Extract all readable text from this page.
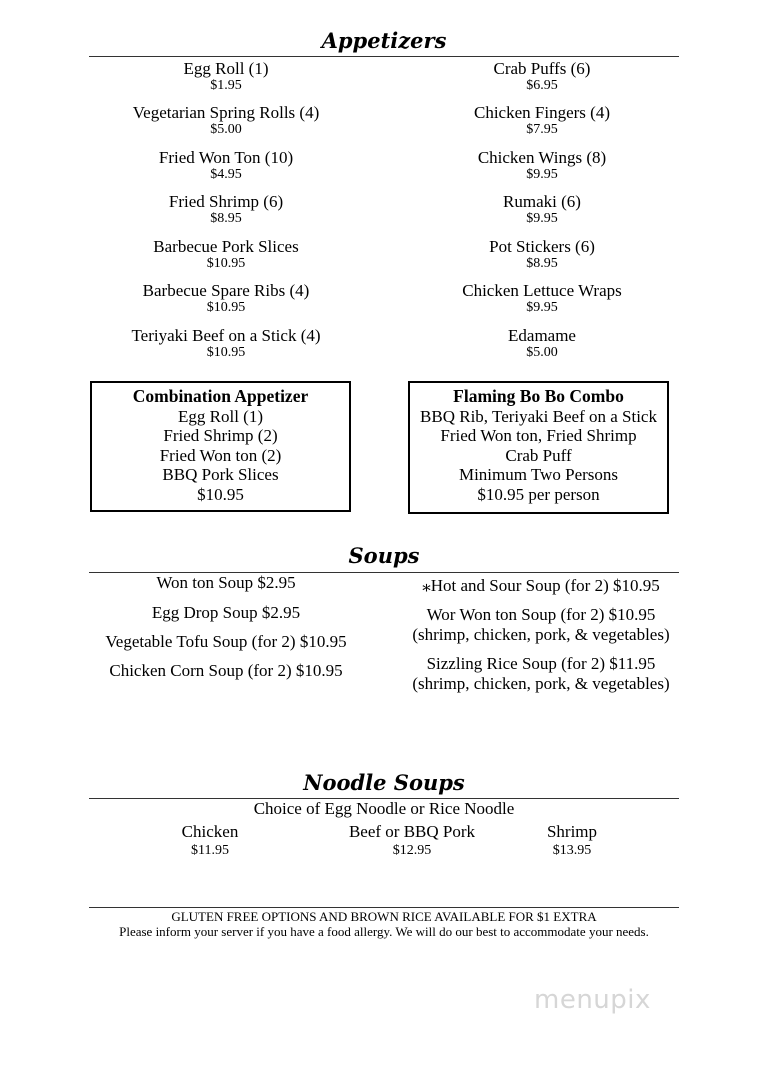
Appetizers
Egg Roll (1)
$1.95
Vegetarian Spring Rolls (4)
$5.00
Fried Won Ton (10)
$4.95
Fried Shrimp (6)
$8.95
Barbecue Pork Slices
$10.95
Barbecue Spare Ribs (4)
$10.95
Teriyaki Beef on a Stick (4)
$10.95
Crab Puffs (6)
$6.95
Chicken Fingers (4)
$7.95
Chicken Wings (8)
$9.95
Rumaki (6)
$9.95
Pot Stickers (6)
$8.95
Chicken Lettuce Wraps
$9.95
Edamame
$5.00
Combination Appetizer
Egg Roll (1)
Fried Shrimp (2)
Fried Won ton (2)
BBQ Pork Slices
$10.95
Flaming Bo Bo Combo
BBQ Rib, Teriyaki Beef on a Stick
Fried Won ton, Fried Shrimp
Crab Puff
Minimum Two Persons
$10.95 per person
Soups
Won ton Soup $2.95
Egg Drop Soup $2.95
Vegetable Tofu Soup (for 2) $10.95
Chicken Corn Soup (for 2) $10.95
⁎Hot and Sour Soup (for 2) $10.95
Wor Won ton Soup (for 2) $10.95
(shrimp, chicken, pork, & vegetables)
Sizzling Rice Soup (for 2) $11.95
(shrimp, chicken, pork, & vegetables)
Noodle Soups
Choice of Egg Noodle or Rice Noodle
Chicken
$11.95
Beef or BBQ Pork
$12.95
Shrimp
$13.95
GLUTEN FREE OPTIONS AND BROWN RICE AVAILABLE FOR $1 EXTRA
Please inform your server if you have a food allergy. We will do our best to accommodate your needs.
menupix
